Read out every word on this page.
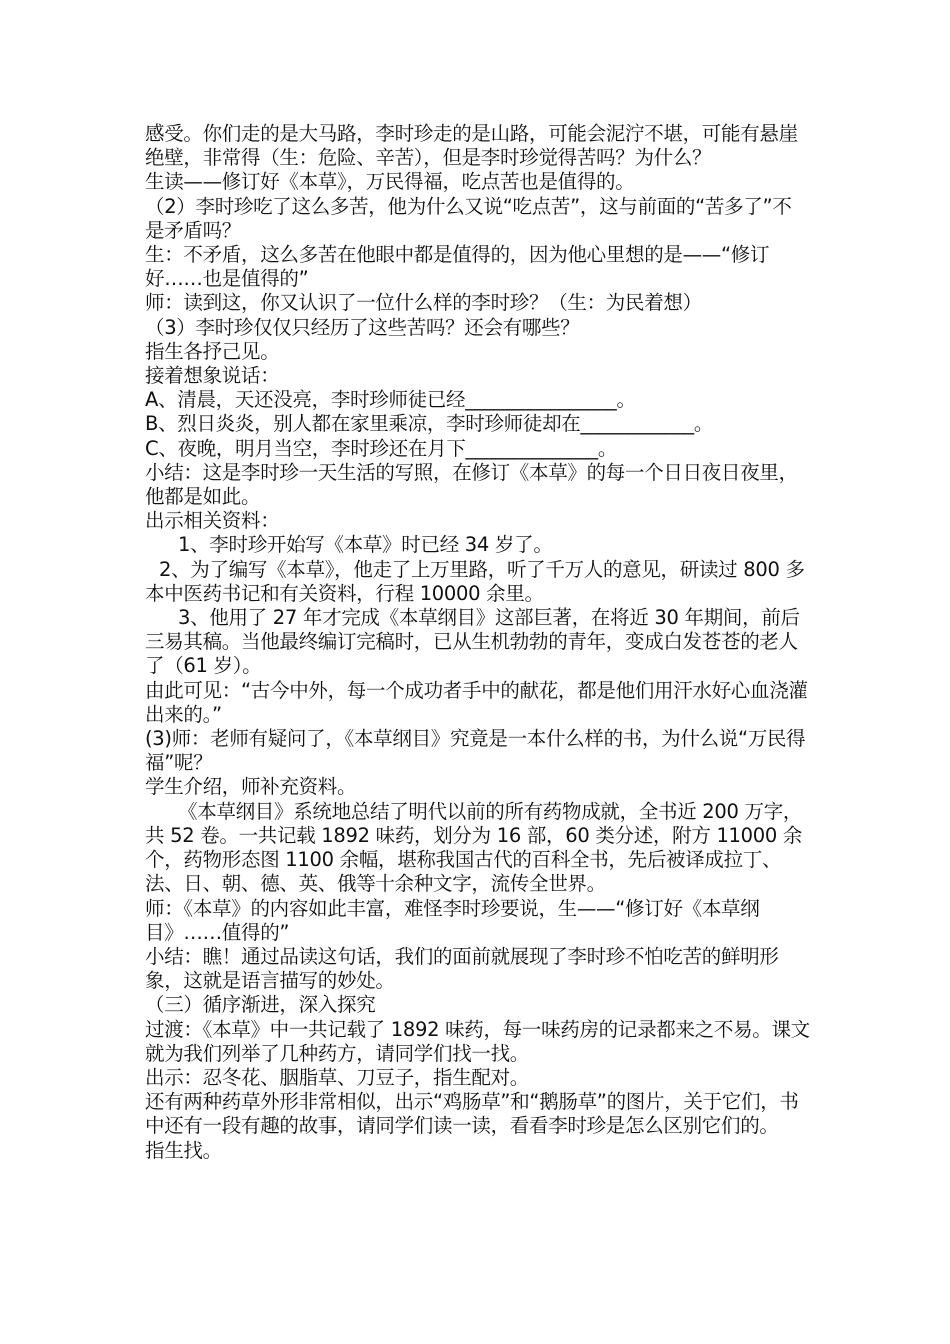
感受。你们走的是大马路，李时珍走的是山路，可能会泥泞不堪，可能有悬崖绝壁，非常得（生：危险、辛苦），但是李时珍觉得苦吗？为什么？

生读——修订好《本草》，万民得福，吃点苦也是值得的。

（2）李时珍吃了这么多苦，他为什么又说“吃点苦”，这与前面的“苦多了”不是矛盾吗？

生：不矛盾，这么多苦在他眼中都是值得的，因为他心里想的是——“修订好……也是值得的”

师：读到这，你又认识了一位什么样的李时珍？（生：为民着想）

（3）李时珍仅仅只经历了这些苦吗？还会有哪些？

指生各抒己见。

接着想象说话：

A、清晨，天还没亮，李时珍师徒已经________________。

B、烈日炎炎，别人都在家里乘凉，李时珍师徒却在____________。

C、夜晚，明月当空，李时珍还在月下______________。

小结：这是李时珍一天生活的写照，在修订《本草》的每一个日日夜日夜里，他都是如此。

出示相关资料：

1、李时珍开始写《本草》时已经 34 岁了。

2、为了编写《本草》，他走了上万里路，听了千万人的意见，研读过 800 多本中医药书记和有关资料，行程 10000 余里。

3、他用了 27 年才完成《本草纲目》这部巨著，在将近 30 年期间，前后三易其稿。当他最终编订完稿时，已从生机勃勃的青年，变成白发苍苍的老人了（61 岁）。

由此可见：“古今中外，每一个成功者手中的献花，都是他们用汗水好心血浇灌出来的。”

(3)师：老师有疑问了，《本草纲目》究竟是一本什么样的书，为什么说“万民得福”呢？

学生介绍，师补充资料。

《本草纲目》系统地总结了明代以前的所有药物成就，全书近 200 万字，共 52 卷。一共记载 1892 味药，划分为 16 部，60 类分述，附方 11000 余个，药物形态图 1100 余幅，堪称我国古代的百科全书，先后被译成拉丁、法、日、朝、德、英、俄等十余种文字，流传全世界。

师：《本草》的内容如此丰富，难怪李时珍要说，生——“修订好《本草纲目》……值得的”

小结：瞧！通过品读这句话，我们的面前就展现了李时珍不怕吃苦的鲜明形象，这就是语言描写的妙处。

（三）循序渐进，深入探究

过渡：《本草》中一共记载了 1892 味药，每一味药房的记录都来之不易。课文就为我们列举了几种药方，请同学们找一找。

出示：忍冬花、胭脂草、刀豆子，指生配对。

还有两种药草外形非常相似，出示“鸡肠草”和“鹅肠草”的图片，关于它们，书中还有一段有趣的故事，请同学们读一读，看看李时珍是怎么区别它们的。

指生找。
